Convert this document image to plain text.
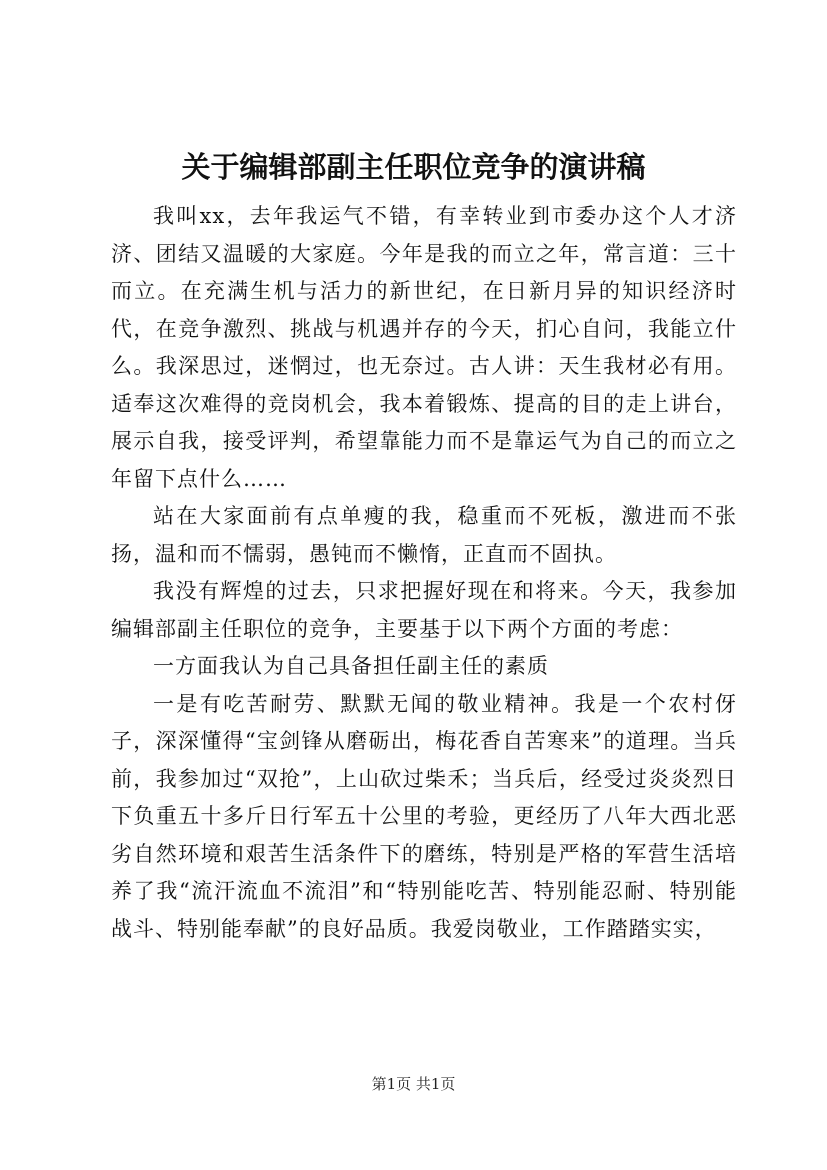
关于编辑部副主任职位竞争的演讲稿

我叫xx，去年我运气不错，有幸转业到市委办这个人才济济、团结又温暖的大家庭。今年是我的而立之年，常言道：三十而立。在充满生机与活力的新世纪，在日新月异的知识经济时代，在竞争激烈、挑战与机遇并存的今天，扪心自问，我能立什么。我深思过，迷惘过，也无奈过。古人讲：天生我材必有用。适奉这次难得的竞岗机会，我本着锻炼、提高的目的走上讲台，展示自我，接受评判，希望靠能力而不是靠运气为自己的而立之年留下点什么……

站在大家面前有点单瘦的我，稳重而不死板，激进而不张扬，温和而不懦弱，愚钝而不懒惰，正直而不固执。

我没有辉煌的过去，只求把握好现在和将来。今天，我参加编辑部副主任职位的竞争，主要基于以下两个方面的考虑：

一方面我认为自己具备担任副主任的素质

一是有吃苦耐劳、默默无闻的敬业精神。我是一个农村伢子，深深懂得“宝剑锋从磨砺出，梅花香自苦寒来”的道理。当兵前，我参加过“双抢”，上山砍过柴禾；当兵后，经受过炎炎烈日下负重五十多斤日行军五十公里的考验，更经历了八年大西北恶劣自然环境和艰苦生活条件下的磨练，特别是严格的军营生活培养了我“流汗流血不流泪”和“特别能吃苦、特别能忍耐、特别能战斗、特别能奉献”的良好品质。我爱岗敬业，工作踏踏实实，

第1页 共1页
